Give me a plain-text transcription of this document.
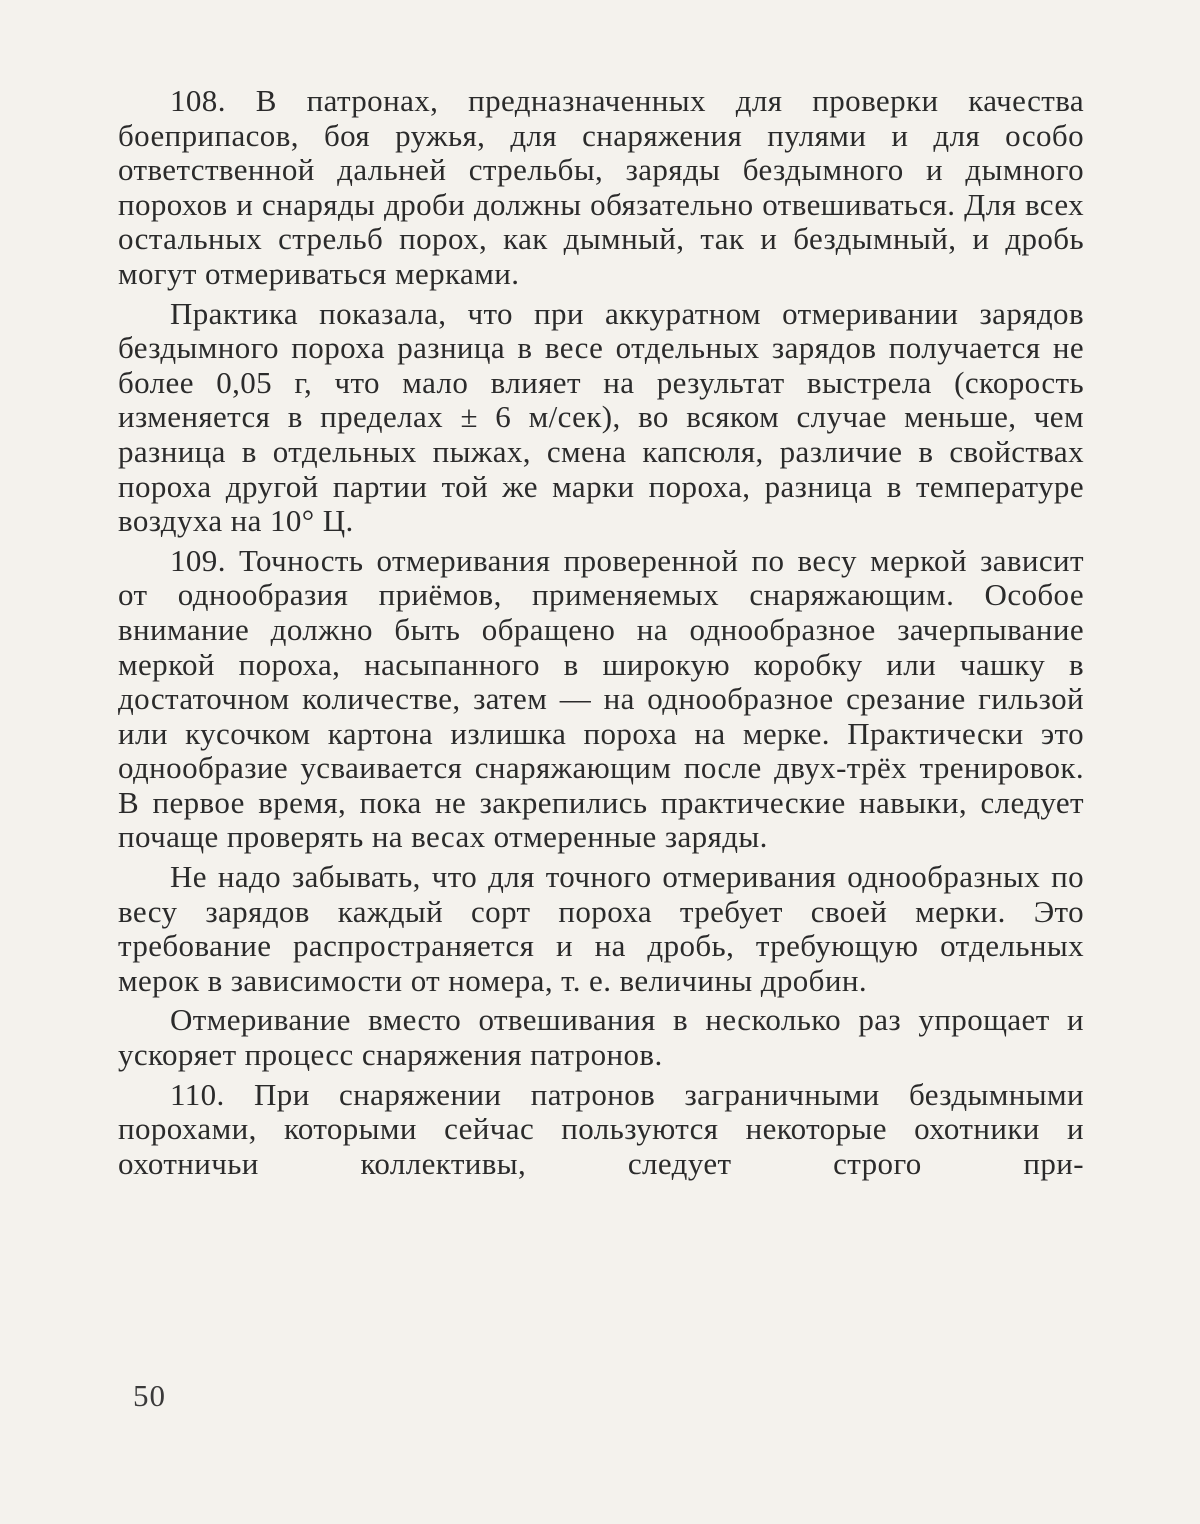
108. В патронах, предназначенных для проверки качества боеприпасов, боя ружья, для снаряжения пулями и для особо ответственной дальней стрельбы, заряды бездымного и дымного порохов и снаряды дроби должны обязательно отвешиваться. Для всех остальных стрельб порох, как дымный, так и бездымный, и дробь могут отмериваться мерками.

Практика показала, что при аккуратном отмеривании зарядов бездымного пороха разница в весе отдельных зарядов получается не более 0,05 г, что мало влияет на результат выстрела (скорость изменяется в пределах ± 6 м/сек), во всяком случае меньше, чем разница в отдельных пыжах, смена капсюля, различие в свойствах пороха другой партии той же марки пороха, разница в температуре воздуха на 10° Ц.

109. Точность отмеривания проверенной по весу меркой зависит от однообразия приёмов, применяемых снаряжающим. Особое внимание должно быть обращено на однообразное зачерпывание меркой пороха, насыпанного в широкую коробку или чашку в достаточном количестве, затем — на однообразное срезание гильзой или кусочком картона излишка пороха на мерке. Практически это однообразие усваивается снаряжающим после двух-трёх тренировок. В первое время, пока не закрепились практические навыки, следует почаще проверять на весах отмеренные заряды.

Не надо забывать, что для точного отмеривания однообразных по весу зарядов каждый сорт пороха требует своей мерки. Это требование распространяется и на дробь, требующую отдельных мерок в зависимости от номера, т. е. величины дробин.

Отмеривание вместо отвешивания в несколько раз упрощает и ускоряет процесс снаряжения патронов.

110. При снаряжении патронов заграничными бездымными порохами, которыми сейчас пользуются некоторые охотники и охотничьи коллективы, следует строго при-

50
